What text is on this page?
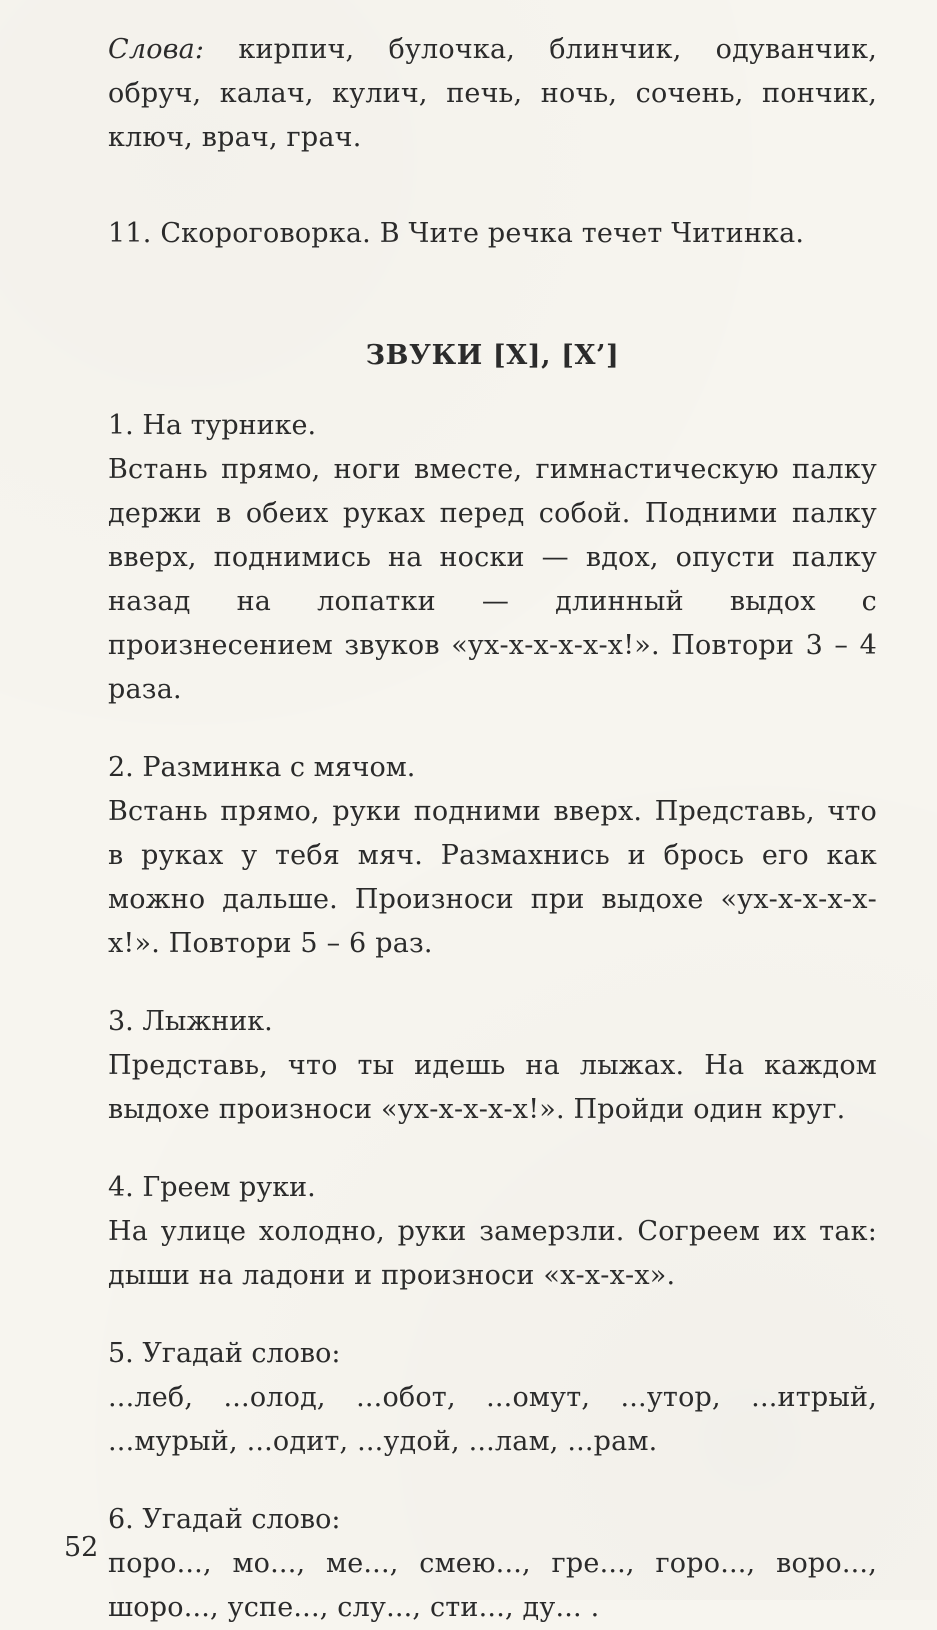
Слова: кирпич, булочка, блинчик, одуванчик, обруч, калач, кулич, печь, ночь, сочень, пончик, ключ, врач, грач.

11. Скороговорка. В Чите речка течет Читинка.

ЗВУКИ [Х], [Х’]

1. На турнике.

Встань прямо, ноги вместе, гимнастическую палку держи в обеих руках перед собой. Подними палку вверх, поднимись на носки — вдох, опусти палку назад на лопатки — длинный выдох с произнесением звуков «ух-х-х-х-х-х!». Повтори 3 – 4 раза.

2. Разминка с мячом.

Встань прямо, руки подними вверх. Представь, что в руках у тебя мяч. Размахнись и брось его как можно дальше. Произноси при выдохе «ух-х-х-х-х-х!». Повтори 5 – 6 раз.

3. Лыжник.

Представь, что ты идешь на лыжах. На каждом выдохе произноси «ух-х-х-х-х!». Пройди один круг.

4. Греем руки.

На улице холодно, руки замерзли. Согреем их так: дыши на ладони и произноси «х-х-х-х».

5. Угадай слово:

...леб, ...олод, ...обот, ...омут, ...утор, ...итрый, ...мурый, ...одит, ...удой, ...лам, ...рам.

6. Угадай слово:

поро..., мо..., ме..., смею..., гре..., горо..., воро..., шоро..., успе..., слу..., сти..., ду... .

52
